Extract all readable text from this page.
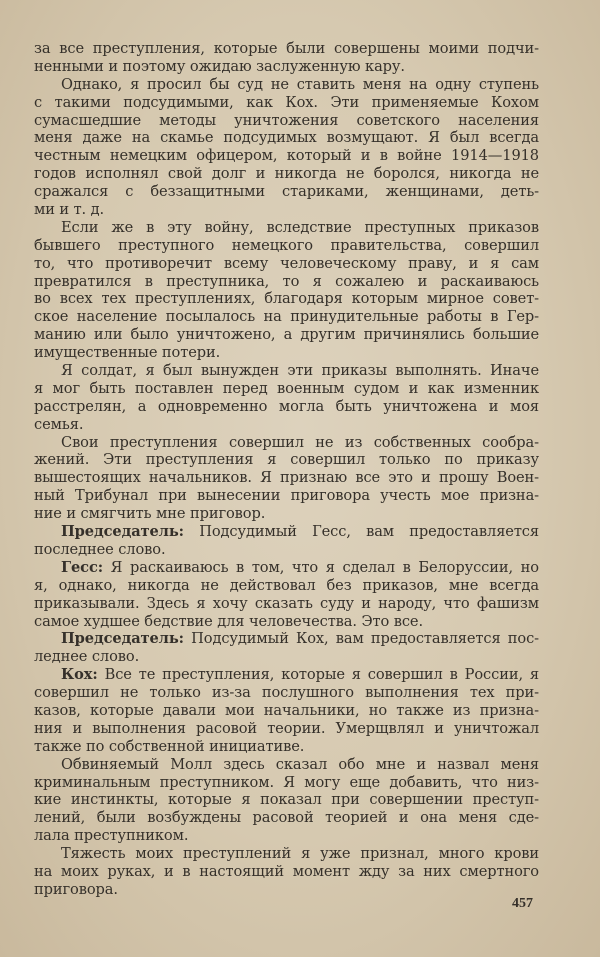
за все преступления, которые были совершены моими подчи-
ненными и поэтому ожидаю заслуженную кару.
Однако, я просил бы суд не ставить меня на одну ступень
с такими подсудимыми, как Кох. Эти применяемые Кохом
сумасшедшие методы уничтожения советского населения
меня даже на скамье подсудимых возмущают. Я был всегда
честным немецким офицером, который и в войне 1914—1918
годов исполнял свой долг и никогда не боролся, никогда не
сражался с беззащитными стариками, женщинами, деть-
ми и т. д.
Если же в эту войну, вследствие преступных приказов
бывшего преступного немецкого правительства, совершил
то, что противоречит всему человеческому праву, и я сам
превратился в преступника, то я сожалею и раскаиваюсь
во всех тех преступлениях, благодаря которым мирное совет-
ское население посылалось на принудительные работы в Гер-
манию или было уничтожено, а другим причинялись большие
имущественные потери.
Я солдат, я был вынужден эти приказы выполнять. Иначе
я мог быть поставлен перед военным судом и как изменник
расстрелян, а одновременно могла быть уничтожена и моя
семья.
Свои преступления совершил не из собственных сообра-
жений. Эти преступления я совершил только по приказу
вышестоящих начальников. Я признаю все это и прошу Воен-
ный Трибунал при вынесении приговора учесть мое призна-
ние и смягчить мне приговор.
Председатель: Подсудимый Гесс, вам предоставляется
последнее слово.
Гесс: Я раскаиваюсь в том, что я сделал в Белоруссии, но
я, однако, никогда не действовал без приказов, мне всегда
приказывали. Здесь я хочу сказать суду и народу, что фашизм
самое худшее бедствие для человечества. Это все.
Председатель: Подсудимый Кох, вам предоставляется пос-
леднее слово.
Кох: Все те преступления, которые я совершил в России, я
совершил не только из-за послушного выполнения тех при-
казов, которые давали мои начальники, но также из призна-
ния и выполнения расовой теории. Умерщвлял и уничтожал
также по собственной инициативе.
Обвиняемый Молл здесь сказал обо мне и назвал меня
криминальным преступником. Я могу еще добавить, что низ-
кие инстинкты, которые я показал при совершении преступ-
лений, были возбуждены расовой теорией и она меня сде-
лала преступником.
Тяжесть моих преступлений я уже признал, много крови
на моих руках, и в настоящий момент жду за них смертного
приговора.
457
